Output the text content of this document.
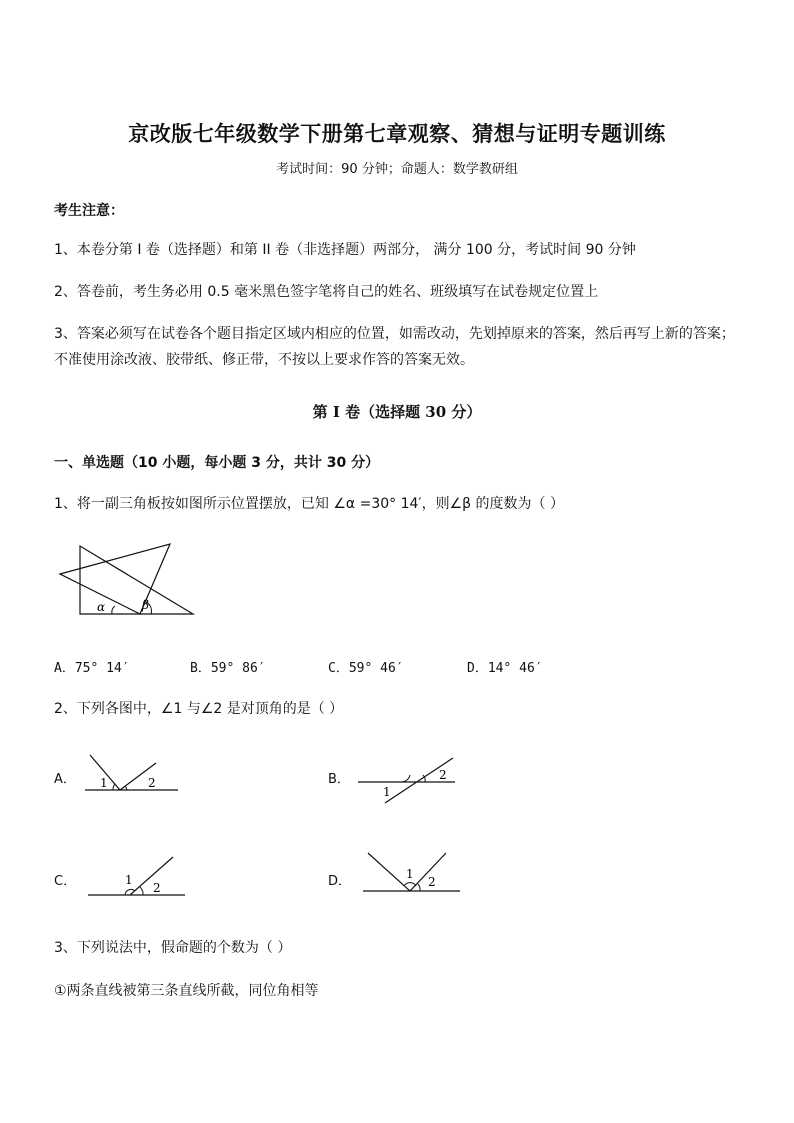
京改版七年级数学下册第七章观察、猜想与证明专题训练
考试时间：90 分钟；命题人：数学教研组
考生注意：
1、本卷分第 I 卷（选择题）和第 II 卷（非选择题）两部分， 满分 100 分，考试时间 90 分钟
2、答卷前，考生务必用 0.5 毫米黑色签字笔将自己的姓名、班级填写在试卷规定位置上
3、答案必须写在试卷各个题目指定区域内相应的位置，如需改动，先划掉原来的答案，然后再写上新的答案；不准使用涂改液、胶带纸、修正带，不按以上要求作答的答案无效。
第 I 卷（选择题 30 分）
一、单选题（10 小题，每小题 3 分，共计 30 分）
1、将一副三角板按如图所示位置摆放，已知 ∠α =30° 14′，则∠β 的度数为（ ）
α	β
A．75° 14′	B．59° 86′	C．59° 46′	D．14° 46′
2、下列各图中，∠1 与∠2 是对顶角的是（ ）
A． 1	2	B．
1
2
C．	1
2	D．	1
2
3、下列说法中，假命题的个数为（ ）
①两条直线被第三条直线所截，同位角相等
